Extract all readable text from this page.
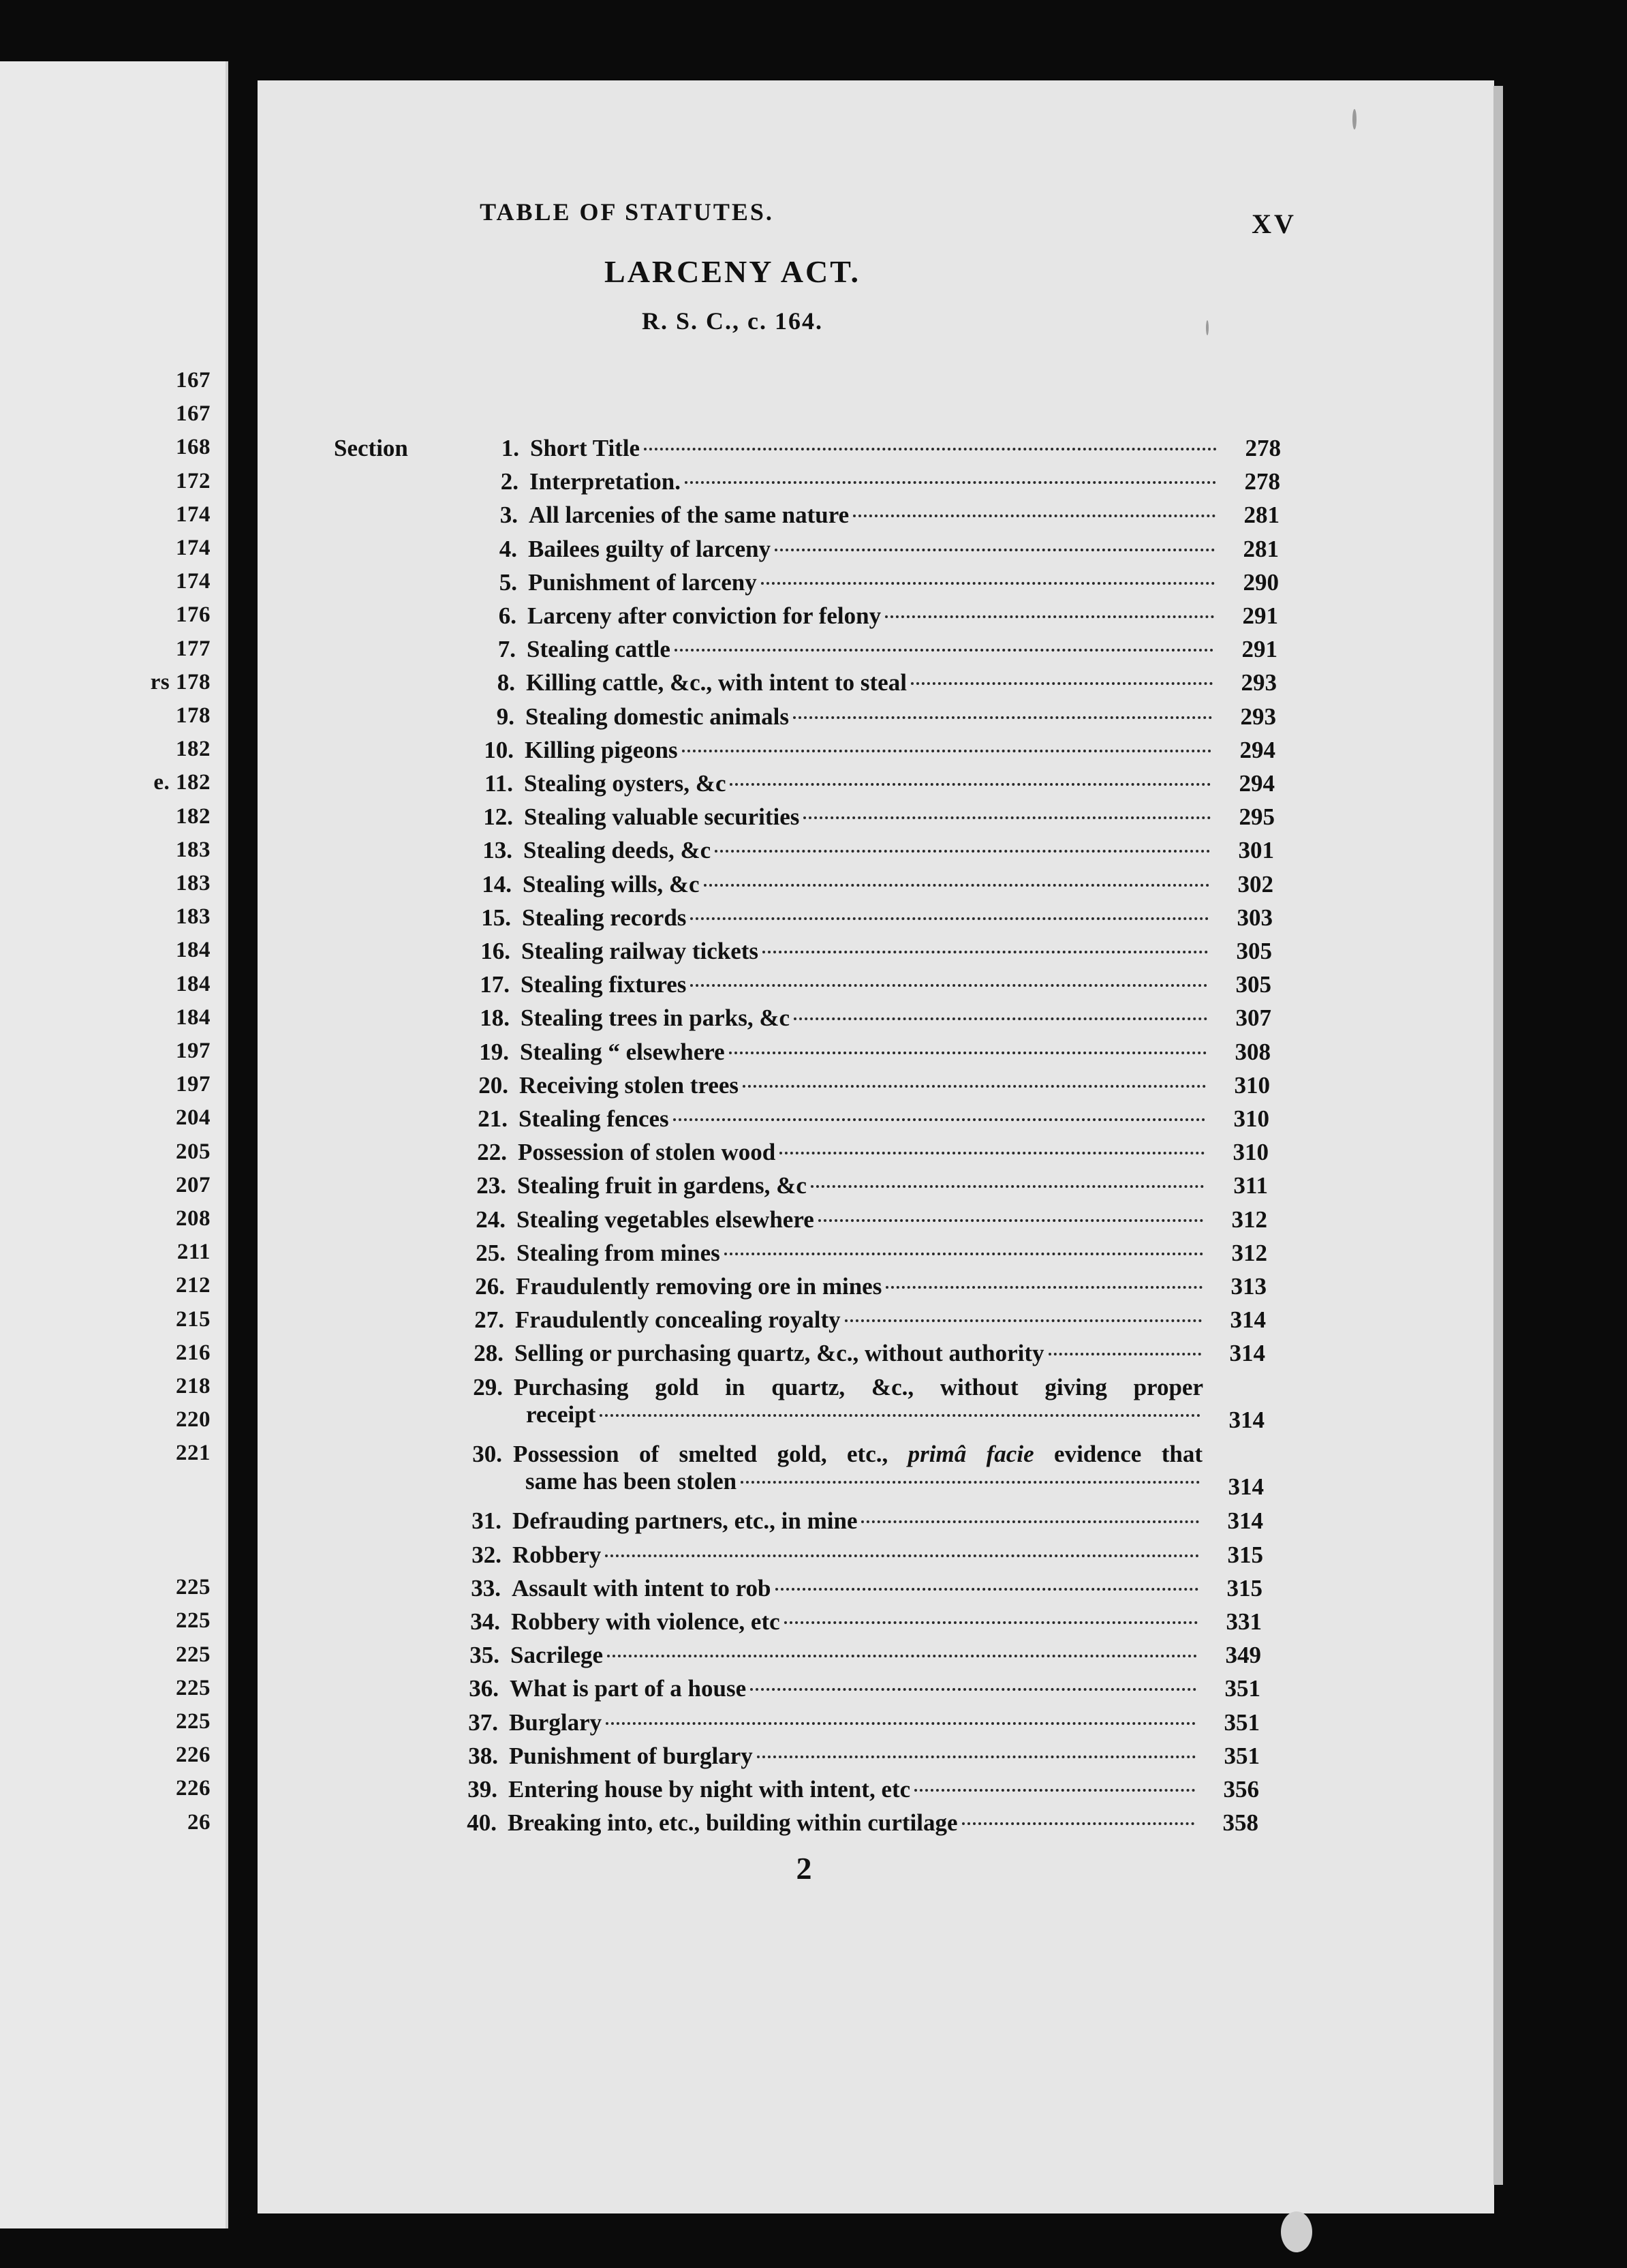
167
167
168
172
174
174
174
176
177
rs 178
178
182
e. 182
182
183
183
183
184
184
184
197
197
204
205
207
208
211
212
215
216
218
220
221
225
225
225
225
225
226
226
26
TABLE OF STATUTES.	XV
LARCENY ACT.
R. S. C., c. 164.
Section	1. Short Title	278
2. Interpretation.	278
3. All larcenies of the same nature	281
4. Bailees guilty of larceny	281
5. Punishment of larceny	290
6. Larceny after conviction for felony	291
7. Stealing cattle	291
8. Killing cattle, &c., with intent to steal	293
9. Stealing domestic animals	293
10. Killing pigeons	294
11. Stealing oysters, &c	294
12. Stealing valuable securities	295
13. Stealing deeds, &c	301
14. Stealing wills, &c	302
15. Stealing records	303
16. Stealing railway tickets	305
17. Stealing fixtures	305
18. Stealing trees in parks, &c	307
19. Stealing “ elsewhere	308
20. Receiving stolen trees	310
21. Stealing fences	310
22. Possession of stolen wood	310
23. Stealing fruit in gardens, &c	311
24. Stealing vegetables elsewhere	312
25. Stealing from mines	312
26. Fraudulently removing ore in mines	313
27. Fraudulently concealing royalty	314
28. Selling or purchasing quartz, &c., without authority	314
29. Purchasing gold in quartz, &c., without giving proper
receipt	314
30. Possession of smelted gold, etc., primâ facie evidence that
same has been stolen	314
31. Defrauding partners, etc., in mine	314
32. Robbery	315
33. Assault with intent to rob	315
34. Robbery with violence, etc	331
35. Sacrilege	349
36. What is part of a house	351
37. Burglary	351
38. Punishment of burglary	351
39. Entering house by night with intent, etc	356
40. Breaking into, etc., building within curtilage	358
2
